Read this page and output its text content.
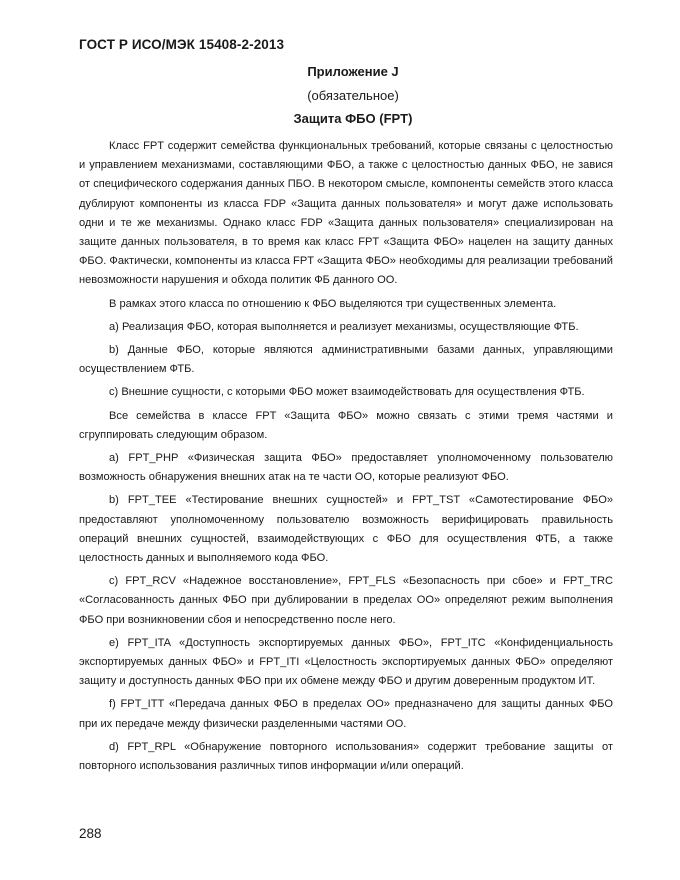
ГОСТ Р ИСО/МЭК 15408-2-2013
Приложение J
(обязательное)
Защита ФБО (FPT)

Класс FPT содержит семейства функциональных требований, которые связаны с целостностью и управлением механизмами, составляющими ФБО, а также с целостностью данных ФБО, не завися от специфического содержания данных ПБО. В некотором смысле, компоненты семейств этого класса дублируют компоненты из класса FDP «Защита данных пользователя» и могут даже использовать одни и те же механизмы. Однако класс FDP «Защита данных пользователя» специализирован на защите данных пользователя, в то время как класс FPT «Защита ФБО» нацелен на защиту данных ФБО. Фактически, компоненты из класса FPT «Защита ФБО» необходимы для реализации требований невозможности нарушения и обхода политик ФБ данного ОО.

В рамках этого класса по отношению к ФБО выделяются три существенных элемента.

a) Реализация ФБО, которая выполняется и реализует механизмы, осуществляющие ФТБ.

b) Данные ФБО, которые являются административными базами данных, управляющими осуществлением ФТБ.

c) Внешние сущности, с которыми ФБО может взаимодействовать для осуществления ФТБ.

Все семейства в классе FPT «Защита ФБО» можно связать с этими тремя частями и сгруппировать следующим образом.

a) FPT_PHP «Физическая защита ФБО» предоставляет уполномоченному пользователю возможность обнаружения внешних атак на те части ОО, которые реализуют ФБО.

b) FPT_TEE «Тестирование внешних сущностей» и FPT_TST «Самотестирование ФБО» предоставляют уполномоченному пользователю возможность верифицировать правильность операций внешних сущностей, взаимодействующих с ФБО для осуществления ФТБ, а также целостность данных и выполняемого кода ФБО.

c) FPT_RCV «Надежное восстановление», FPT_FLS «Безопасность при сбое» и FPT_TRC «Согласованность данных ФБО при дублировании в пределах ОО» определяют режим выполнения ФБО при возникновении сбоя и непосредственно после него.

e) FPT_ITA «Доступность экспортируемых данных ФБО», FPT_ITC «Конфиденциальность экспортируемых данных ФБО» и FPT_ITI «Целостность экспортируемых данных ФБО» определяют защиту и доступность данных ФБО при их обмене между ФБО и другим доверенным продуктом ИТ.

f) FPT_ITT «Передача данных ФБО в пределах ОО» предназначено для защиты данных ФБО при их передаче между физически разделенными частями ОО.

d) FPT_RPL «Обнаружение повторного использования» содержит требование защиты от повторного использования различных типов информации и/или операций.

288
